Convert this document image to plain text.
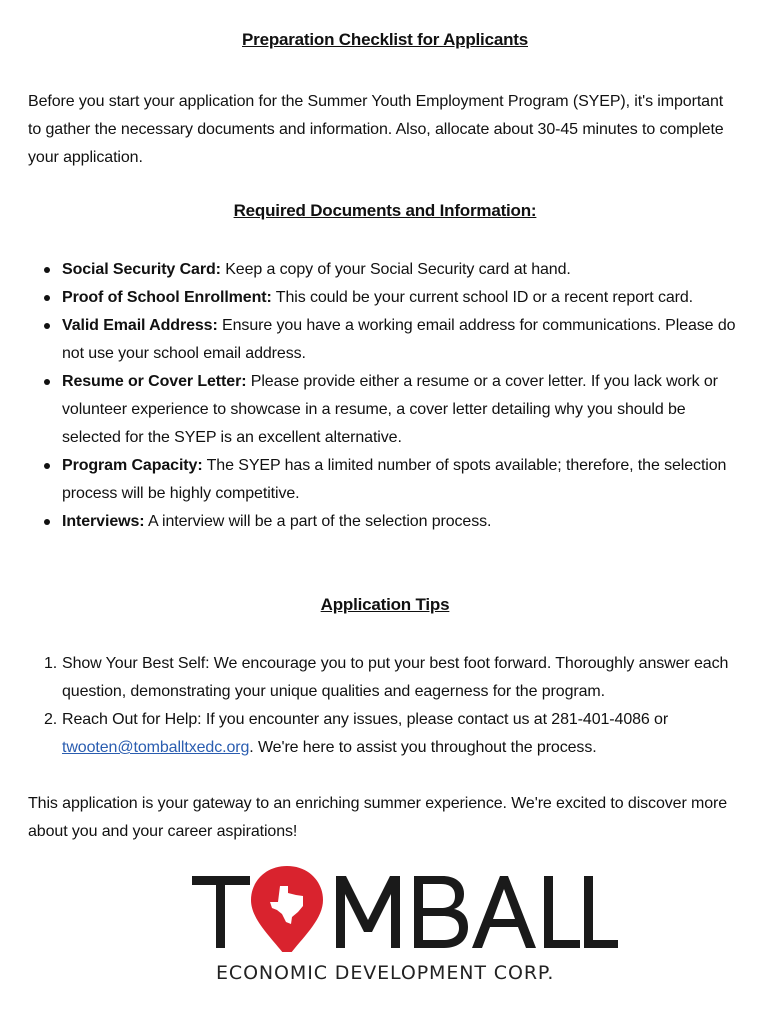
Preparation Checklist for Applicants

Before you start your application for the Summer Youth Employment Program (SYEP), it's important to gather the necessary documents and information. Also, allocate about 30-45 minutes to complete your application.

Required Documents and Information:
Social Security Card: Keep a copy of your Social Security card at hand.
Proof of School Enrollment: This could be your current school ID or a recent report card.
Valid Email Address: Ensure you have a working email address for communications. Please do not use your school email address.
Resume or Cover Letter: Please provide either a resume or a cover letter. If you lack work or volunteer experience to showcase in a resume, a cover letter detailing why you should be selected for the SYEP is an excellent alternative.
Program Capacity: The SYEP has a limited number of spots available; therefore, the selection process will be highly competitive.
Interviews: A interview will be a part of the selection process.
Application Tips
1. Show Your Best Self: We encourage you to put your best foot forward. Thoroughly answer each question, demonstrating your unique qualities and eagerness for the program.
2. Reach Out for Help: If you encounter any issues, please contact us at 281-401-4086 or twooten@tomballtxedc.org. We're here to assist you throughout the process.

This application is your gateway to an enriching summer experience. We're excited to discover more about you and your career aspirations!

ECONOMIC DEVELOPMENT CORP.
